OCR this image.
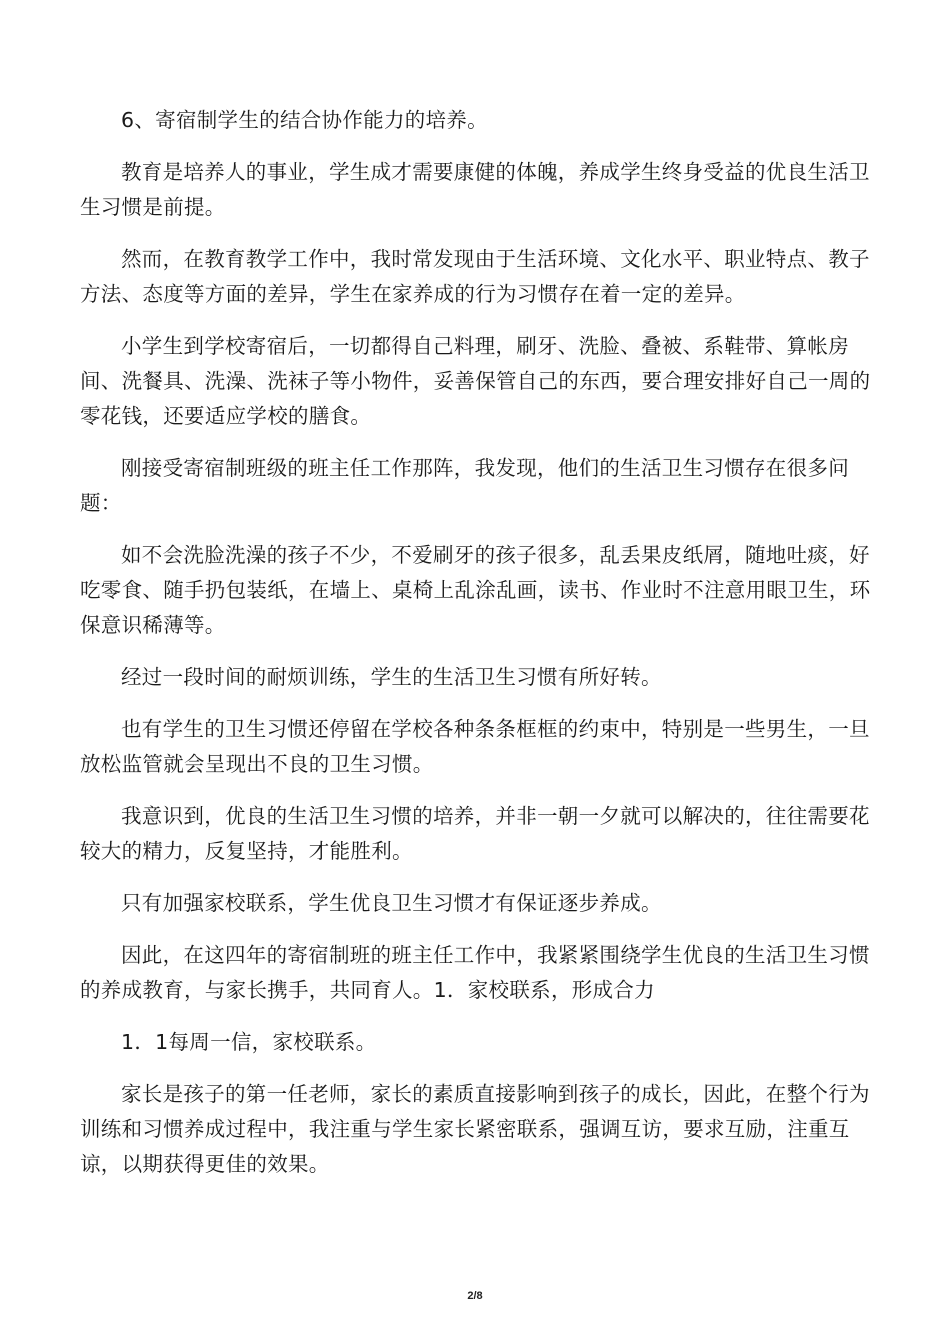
6、寄宿制学生的结合协作能力的培养。

教育是培养人的事业，学生成才需要康健的体魄，养成学生终身受益的优良生活卫生习惯是前提。

然而，在教育教学工作中，我时常发现由于生活环境、文化水平、职业特点、教子方法、态度等方面的差异，学生在家养成的行为习惯存在着一定的差异。

小学生到学校寄宿后，一切都得自己料理，刷牙、洗脸、叠被、系鞋带、算帐房间、洗餐具、洗澡、洗袜子等小物件，妥善保管自己的东西，要合理安排好自己一周的零花钱，还要适应学校的膳食。

刚接受寄宿制班级的班主任工作那阵，我发现，他们的生活卫生习惯存在很多问题：

如不会洗脸洗澡的孩子不少，不爱刷牙的孩子很多，乱丢果皮纸屑，随地吐痰，好吃零食、随手扔包装纸，在墙上、桌椅上乱涂乱画，读书、作业时不注意用眼卫生，环保意识稀薄等。

经过一段时间的耐烦训练，学生的生活卫生习惯有所好转。

也有学生的卫生习惯还停留在学校各种条条框框的约束中，特别是一些男生，一旦放松监管就会呈现出不良的卫生习惯。

我意识到，优良的生活卫生习惯的培养，并非一朝一夕就可以解决的，往往需要花较大的精力，反复坚持，才能胜利。

只有加强家校联系，学生优良卫生习惯才有保证逐步养成。

因此，在这四年的寄宿制班的班主任工作中，我紧紧围绕学生优良的生活卫生习惯的养成教育，与家长携手，共同育人。1．家校联系，形成合力

1．1每周一信，家校联系。

家长是孩子的第一任老师，家长的素质直接影响到孩子的成长，因此，在整个行为训练和习惯养成过程中，我注重与学生家长紧密联系，强调互访，要求互励，注重互谅，以期获得更佳的效果。

2/8
